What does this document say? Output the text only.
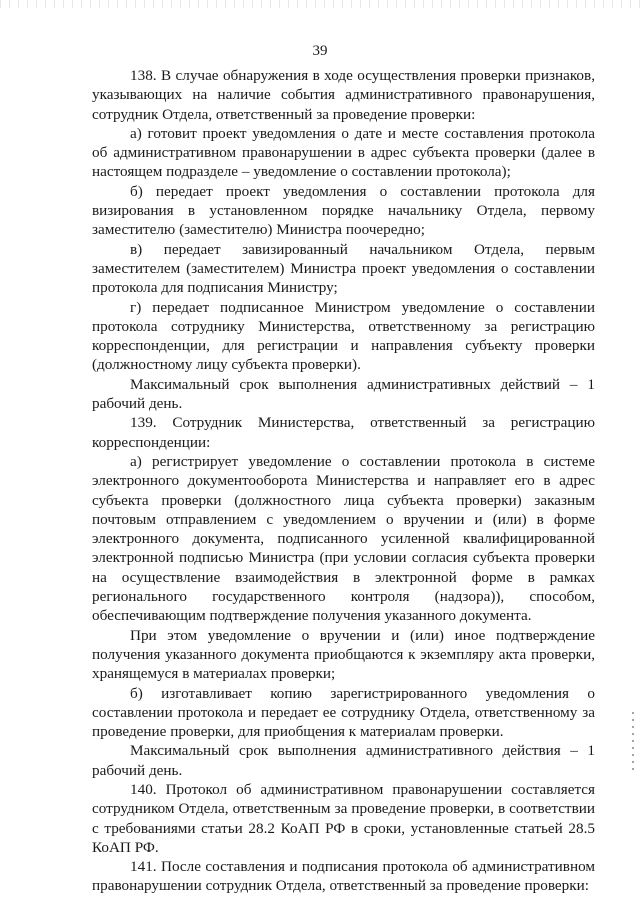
39

138. В случае обнаружения в ходе осуществления проверки признаков, указывающих на наличие события административного правонарушения, сотрудник Отдела, ответственный за проведение проверки:

а) готовит проект уведомления о дате и месте составления протокола об административном правонарушении в адрес субъекта проверки (далее в настоящем подразделе – уведомление о составлении протокола);

б) передает проект уведомления о составлении протокола для визирования в установленном порядке начальнику Отдела, первому заместителю (заместителю) Министра поочередно;

в) передает завизированный начальником Отдела, первым заместителем (заместителем) Министра проект уведомления о составлении протокола для подписания Министру;

г) передает подписанное Министром уведомление о составлении протокола сотруднику Министерства, ответственному за регистрацию корреспонденции, для регистрации и направления субъекту проверки (должностному лицу субъекта проверки).

Максимальный срок выполнения административных действий – 1 рабочий день.

139. Сотрудник Министерства, ответственный за регистрацию корреспонденции:

а) регистрирует уведомление о составлении протокола в системе электронного документооборота Министерства и направляет его в адрес субъекта проверки (должностного лица субъекта проверки) заказным почтовым отправлением с уведомлением о вручении и (или) в форме электронного документа, подписанного усиленной квалифицированной электронной подписью Министра (при условии согласия субъекта проверки на осуществление взаимодействия в электронной форме в рамках регионального государственного контроля (надзора)), способом, обеспечивающим подтверждение получения указанного документа.

При этом уведомление о вручении и (или) иное подтверждение получения указанного документа приобщаются к экземпляру акта проверки, хранящемуся в материалах проверки;

б) изготавливает копию зарегистрированного уведомления о составлении протокола и передает ее сотруднику Отдела, ответственному за проведение проверки, для приобщения к материалам проверки.

Максимальный срок выполнения административного действия – 1 рабочий день.

140. Протокол об административном правонарушении составляется сотрудником Отдела, ответственным за проведение проверки, в соответствии с требованиями статьи 28.2 КоАП РФ в сроки, установленные статьей 28.5 КоАП РФ.

141. После составления и подписания протокола об административном правонарушении сотрудник Отдела, ответственный за проведение проверки:
